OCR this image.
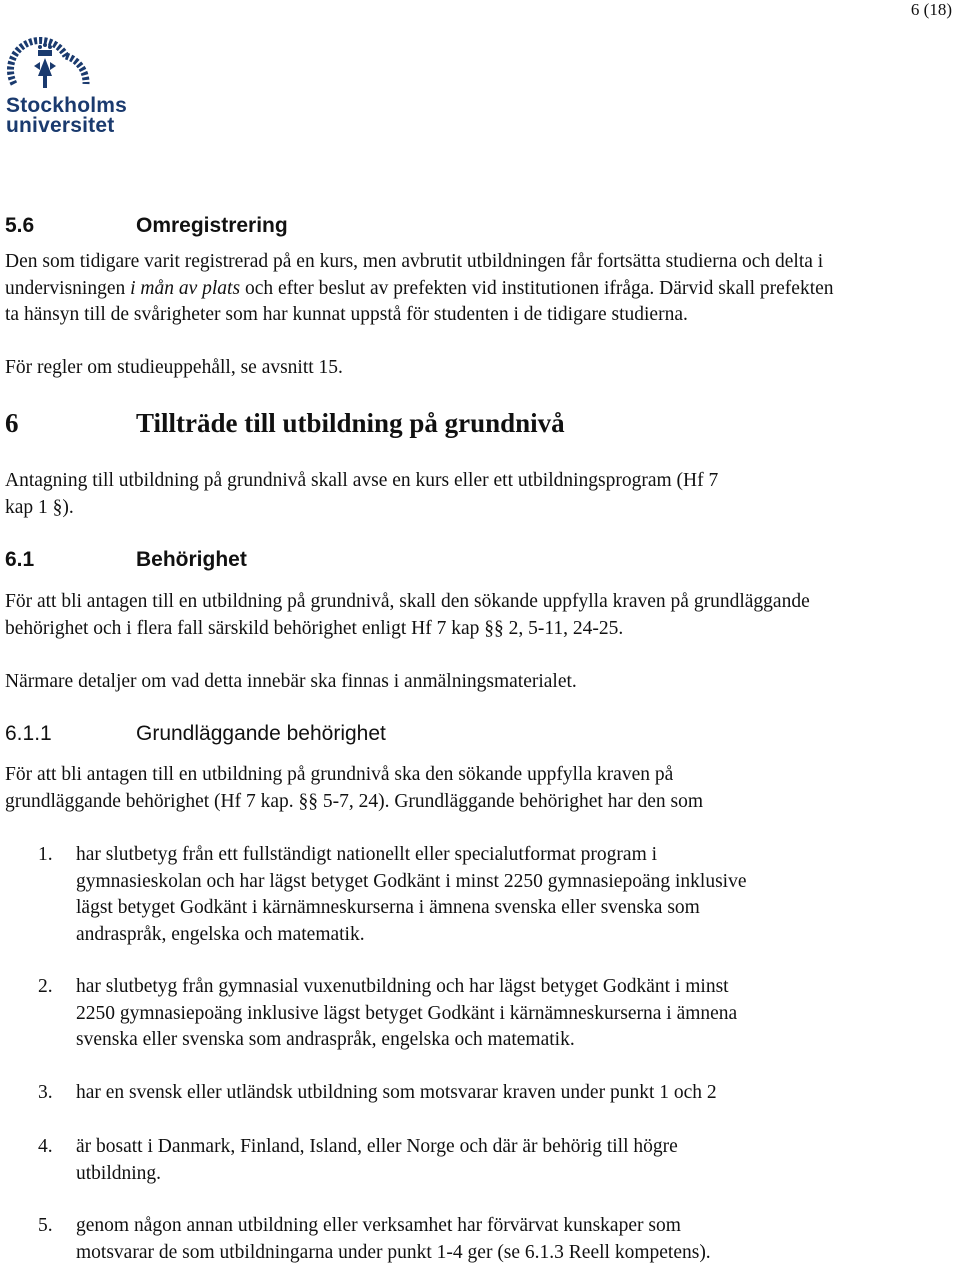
6 (18)
Stockholms
universitet
5.6	Omregistrering

Den som tidigare varit registrerad på en kurs, men avbrutit utbildningen får fortsätta studierna och delta i
undervisningen i mån av plats och efter beslut av prefekten vid institutionen ifråga. Därvid skall prefekten
ta hänsyn till de svårigheter som har kunnat uppstå för studenten i de tidigare studierna.

För regler om studieuppehåll, se avsnitt 15.

6	Tillträde till utbildning på grundnivå

Antagning till utbildning på grundnivå skall avse en kurs eller ett utbildningsprogram (Hf 7
kap 1 §).

6.1	Behörighet

För att bli antagen till en utbildning på grundnivå, skall den sökande uppfylla kraven på grundläggande
behörighet och i flera fall särskild behörighet enligt Hf 7 kap §§ 2, 5-11, 24-25.

Närmare detaljer om vad detta innebär ska finnas i anmälningsmaterialet.

6.1.1	Grundläggande behörighet

För att bli antagen till en utbildning på grundnivå ska den sökande uppfylla kraven på
grundläggande behörighet (Hf 7 kap. §§ 5-7, 24). Grundläggande behörighet har den som

1. har slutbetyg från ett fullständigt nationellt eller specialutformat program i
gymnasieskolan och har lägst betyget Godkänt i minst 2250 gymnasiepoäng inklusive
lägst betyget Godkänt i kärnämneskurserna i ämnena svenska eller svenska som
andraspråk, engelska och matematik.
2. har slutbetyg från gymnasial vuxenutbildning och har lägst betyget Godkänt i minst
2250 gymnasiepoäng inklusive lägst betyget Godkänt i kärnämneskurserna i ämnena
svenska eller svenska som andraspråk, engelska och matematik.
3. har en svensk eller utländsk utbildning som motsvarar kraven under punkt 1 och 2
4. är bosatt i Danmark, Finland, Island, eller Norge och där är behörig till högre
utbildning.
5. genom någon annan utbildning eller verksamhet har förvärvat kunskaper som
motsvarar de som utbildningarna under punkt 1-4 ger (se 6.1.3 Reell kompetens).
